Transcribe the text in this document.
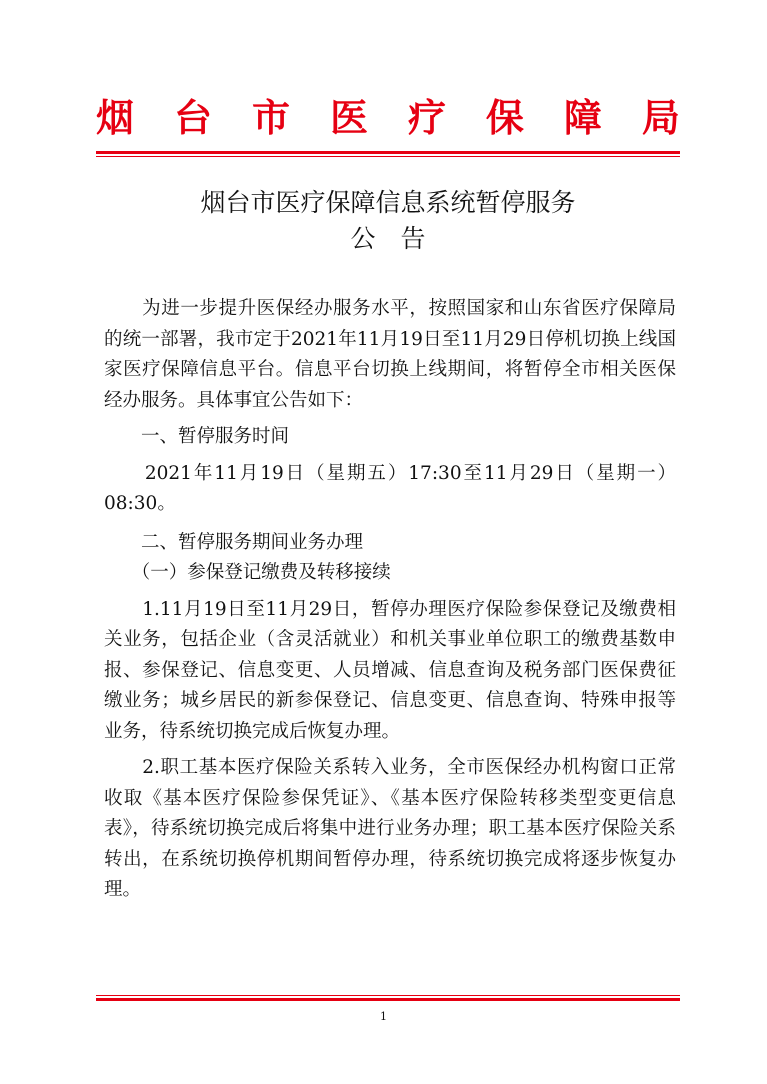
烟 台 市 医 疗 保 障 局
烟台市医疗保障信息系统暂停服务
公　告

　　为进一步提升医保经办服务水平，按照国家和山东省医疗保障局的统一部署，我市定于2021年11月19日至11月29日停机切换上线国家医疗保障信息平台。信息平台切换上线期间，将暂停全市相关医保经办服务。具体事宜公告如下：

　　一、暂停服务时间

　　2021年11月19日（星期五）17:30至11月29日（星期一）08:30。

　　二、暂停服务期间业务办理

　　（一）参保登记缴费及转移接续

　　1.11月19日至11月29日，暂停办理医疗保险参保登记及缴费相关业务，包括企业（含灵活就业）和机关事业单位职工的缴费基数申报、参保登记、信息变更、人员增减、信息查询及税务部门医保费征缴业务；城乡居民的新参保登记、信息变更、信息查询、特殊申报等业务，待系统切换完成后恢复办理。

　　2.职工基本医疗保险关系转入业务，全市医保经办机构窗口正常收取《基本医疗保险参保凭证》、《基本医疗保险转移类型变更信息表》，待系统切换完成后将集中进行业务办理；职工基本医疗保险关系转出，在系统切换停机期间暂停办理，待系统切换完成将逐步恢复办理。

1
